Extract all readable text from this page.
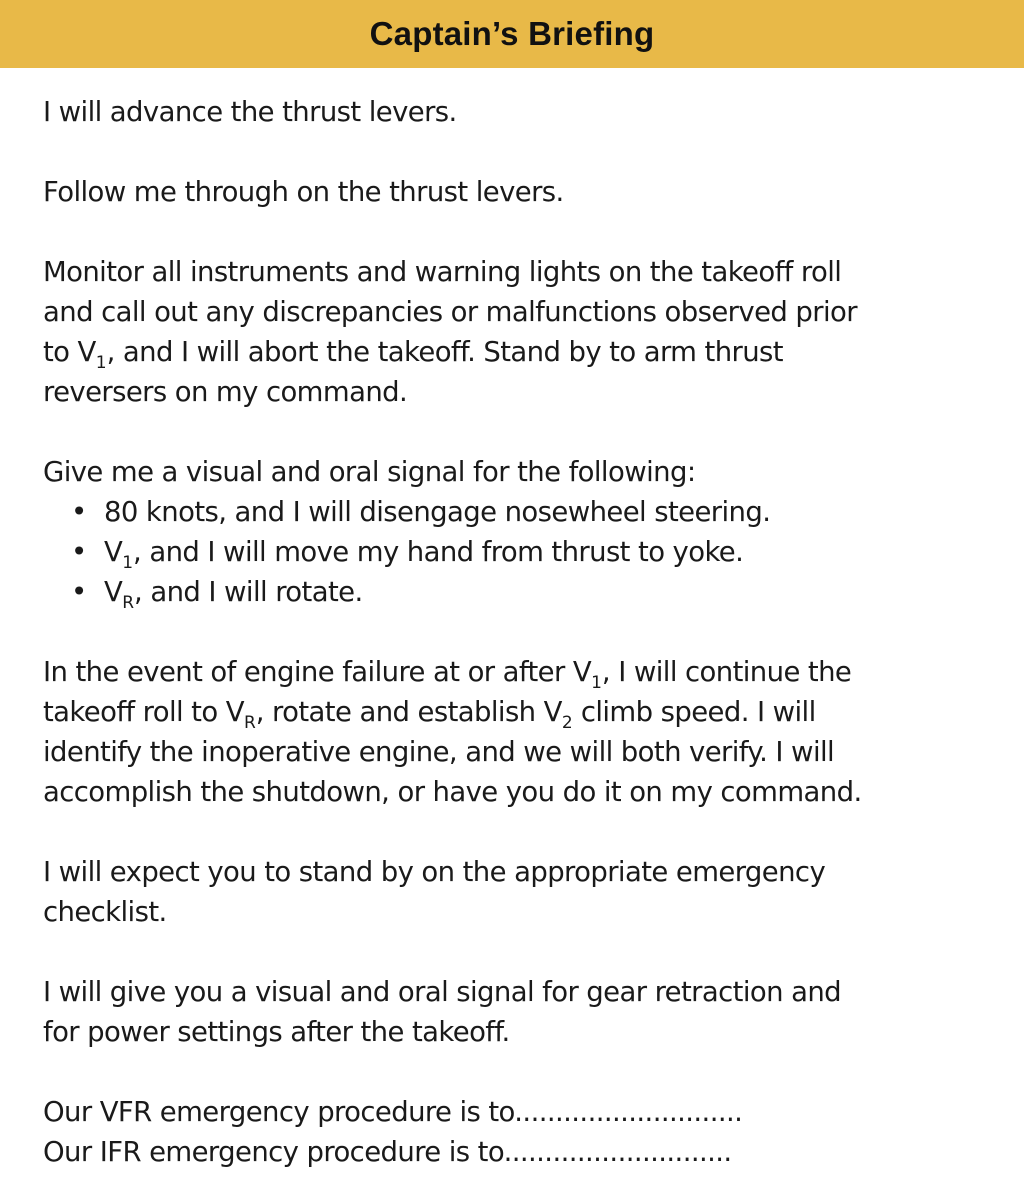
Captain’s Briefing
I will advance the thrust levers.
Follow me through on the thrust levers.
Monitor all instruments and warning lights on the takeoff roll
and call out any discrepancies or malfunctions observed prior
to $V_1$, and I will abort the takeoff. Stand by to arm thrust
reversers on my command.
Give me a visual and oral signal for the following:
• 80 knots, and I will disengage nosewheel steering.
• $V_1$, and I will move my hand from thrust to yoke.
• $V_R$, and I will rotate.
In the event of engine failure at or after $V_1$, I will continue the
takeoff roll to $V_R$, rotate and establish $V_2$ climb speed. I will
identify the inoperative engine, and we will both verify. I will
accomplish the shutdown, or have you do it on my command.
I will expect you to stand by on the appropriate emergency
checklist.
I will give you a visual and oral signal for gear retraction and
for power settings after the takeoff.
Our VFR emergency procedure is to............................
Our IFR emergency procedure is to............................
